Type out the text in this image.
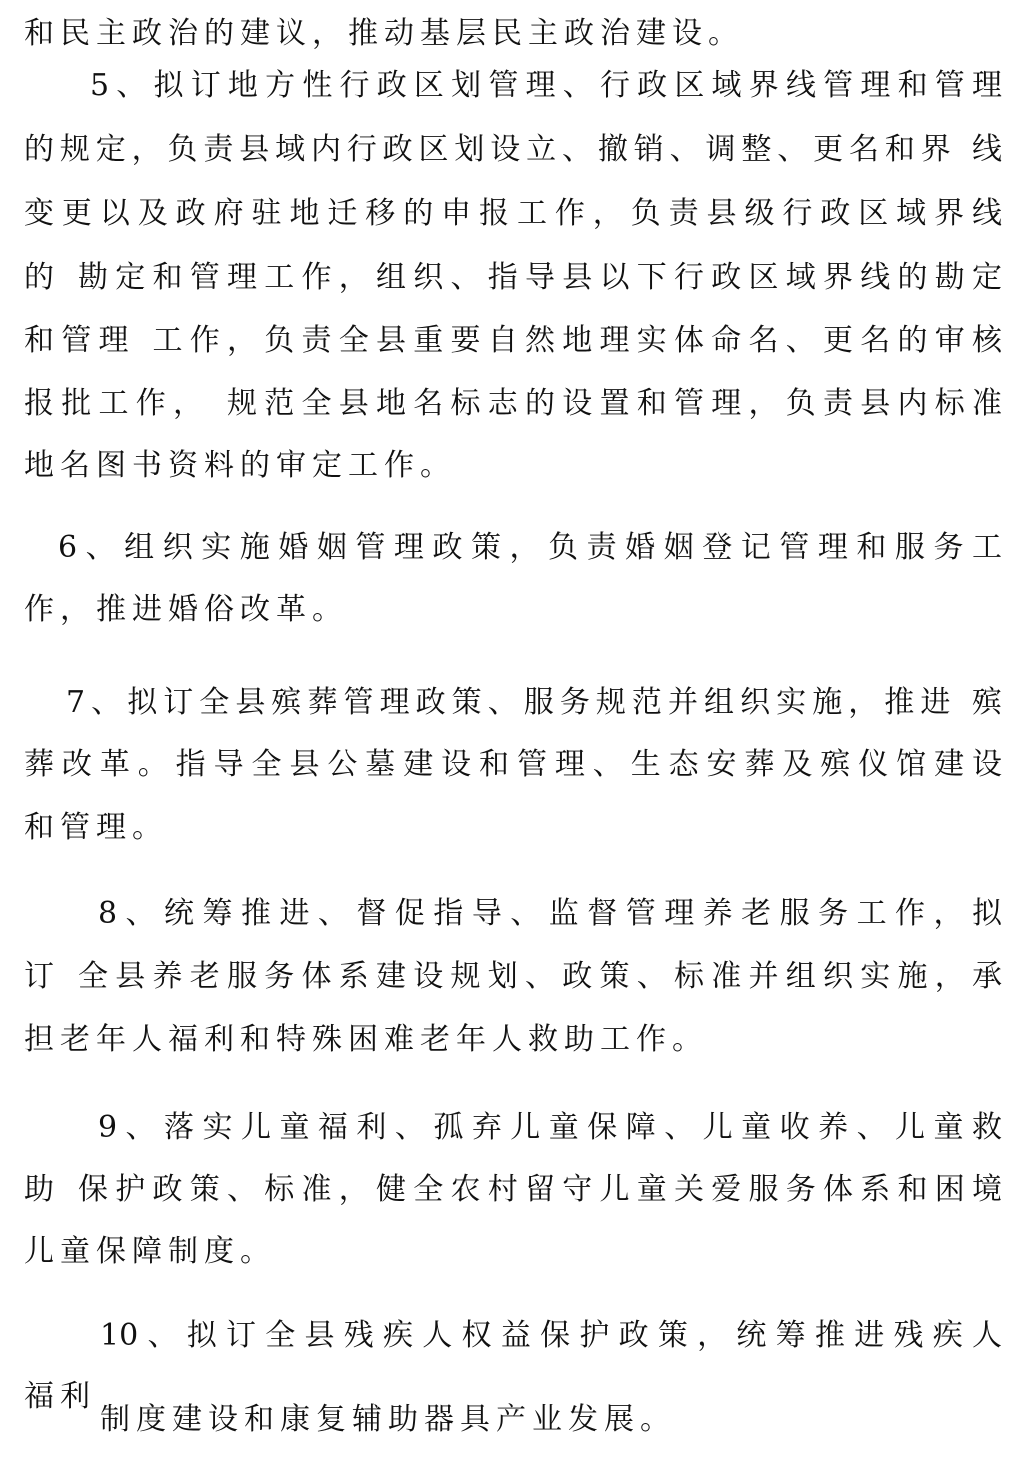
和民主政治的建议，推动基层民主政治建设。
5、拟订地方性行政区划管理、行政区域界线管理和管理
的规定，负责县域内行政区划设立、撤销、调整、更名和界 线
变更以及政府驻地迁移的申报工作，负责县级行政区域界线
的 勘定和管理工作，组织、指导县以下行政区域界线的勘定
和管理 工作，负责全县重要自然地理实体命名、更名的审核
报批工作， 规范全县地名标志的设置和管理，负责县内标准
地名图书资料的审定工作。
6、组织实施婚姻管理政策，负责婚姻登记管理和服务工
作，推进婚俗改革。
7、拟订全县殡葬管理政策、服务规范并组织实施，推进 殡
葬改革。指导全县公墓建设和管理、生态安葬及殡仪馆建设
和管理。
8、统筹推进、督促指导、监督管理养老服务工作，拟
订 全县养老服务体系建设规划、政策、标准并组织实施，承
担老年人福利和特殊困难老年人救助工作。
9、落实儿童福利、孤弃儿童保障、儿童收养、儿童救
助 保护政策、标准，健全农村留守儿童关爱服务体系和困境
儿童保障制度。
10、拟订全县残疾人权益保护政策，统筹推进残疾人
福利
制度建设和康复辅助器具产业发展。
